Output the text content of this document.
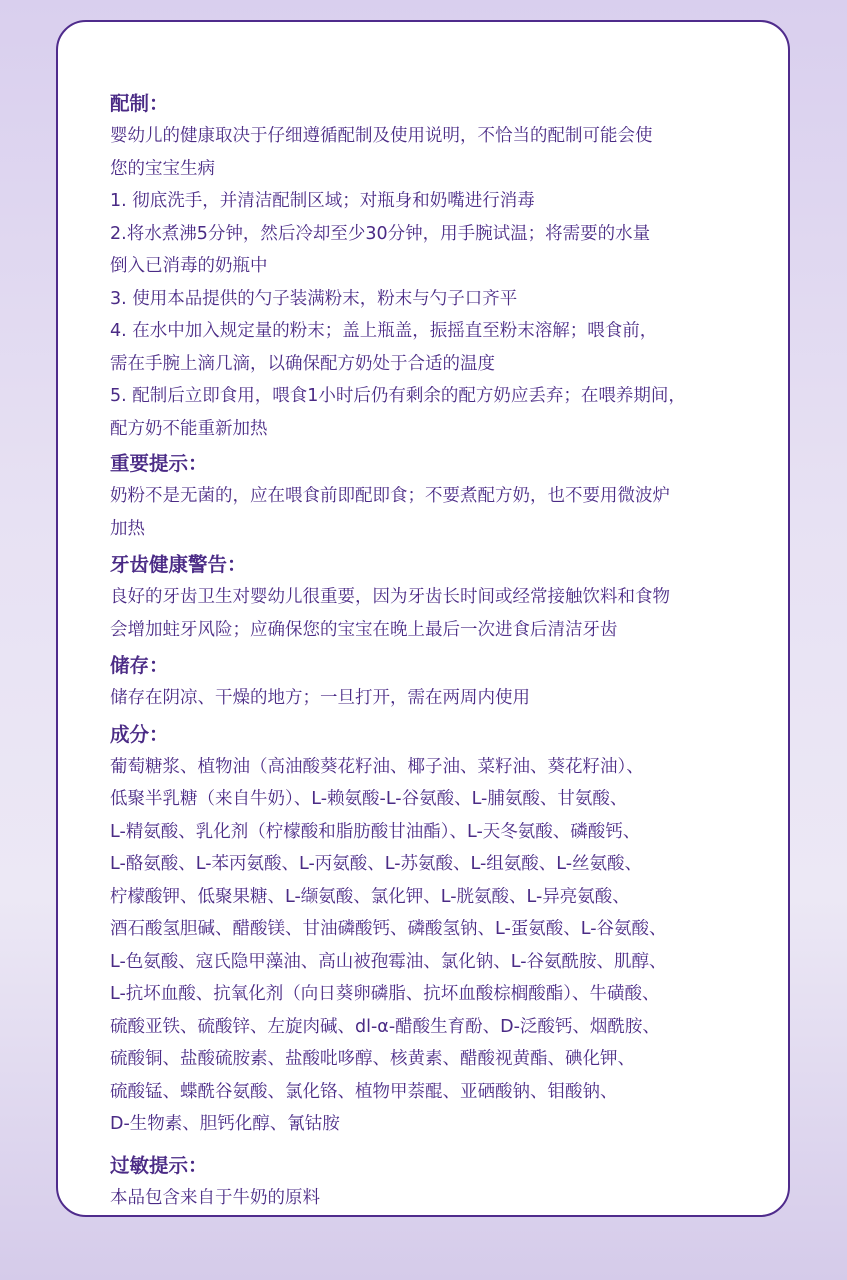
配制：
婴幼儿的健康取决于仔细遵循配制及使用说明，不恰当的配制可能会使
您的宝宝生病
1. 彻底洗手，并清洁配制区域；对瓶身和奶嘴进行消毒
2.将水煮沸5分钟，然后冷却至少30分钟，用手腕试温；将需要的水量
倒入已消毒的奶瓶中
3. 使用本品提供的勺子装满粉末，粉末与勺子口齐平
4. 在水中加入规定量的粉末；盖上瓶盖，振摇直至粉末溶解；喂食前，
需在手腕上滴几滴，以确保配方奶处于合适的温度
5. 配制后立即食用，喂食1小时后仍有剩余的配方奶应丢弃；在喂养期间，
配方奶不能重新加热
重要提示：
奶粉不是无菌的，应在喂食前即配即食；不要煮配方奶，也不要用微波炉
加热
牙齿健康警告：
良好的牙齿卫生对婴幼儿很重要，因为牙齿长时间或经常接触饮料和食物
会增加蛀牙风险；应确保您的宝宝在晚上最后一次进食后清洁牙齿
储存：
储存在阴凉、干燥的地方；一旦打开，需在两周内使用
成分：
葡萄糖浆、植物油（高油酸葵花籽油、椰子油、菜籽油、葵花籽油）、
低聚半乳糖（来自牛奶）、L-赖氨酸-L-谷氨酸、L-脯氨酸、甘氨酸、
L-精氨酸、乳化剂（柠檬酸和脂肪酸甘油酯）、L-天冬氨酸、磷酸钙、
L-酪氨酸、L-苯丙氨酸、L-丙氨酸、L-苏氨酸、L-组氨酸、L-丝氨酸、
柠檬酸钾、低聚果糖、L-缬氨酸、氯化钾、L-胱氨酸、L-异亮氨酸、
酒石酸氢胆碱、醋酸镁、甘油磷酸钙、磷酸氢钠、L-蛋氨酸、L-谷氨酸、
L-色氨酸、寇氏隐甲藻油、高山被孢霉油、氯化钠、L-谷氨酰胺、肌醇、
L-抗坏血酸、抗氧化剂（向日葵卵磷脂、抗坏血酸棕榈酸酯）、牛磺酸、
硫酸亚铁、硫酸锌、左旋肉碱、dl-α-醋酸生育酚、D-泛酸钙、烟酰胺、
硫酸铜、盐酸硫胺素、盐酸吡哆醇、核黄素、醋酸视黄酯、碘化钾、
硫酸锰、蝶酰谷氨酸、氯化铬、植物甲萘醌、亚硒酸钠、钼酸钠、
D-生物素、胆钙化醇、氰钴胺
过敏提示：
本品包含来自于牛奶的原料
